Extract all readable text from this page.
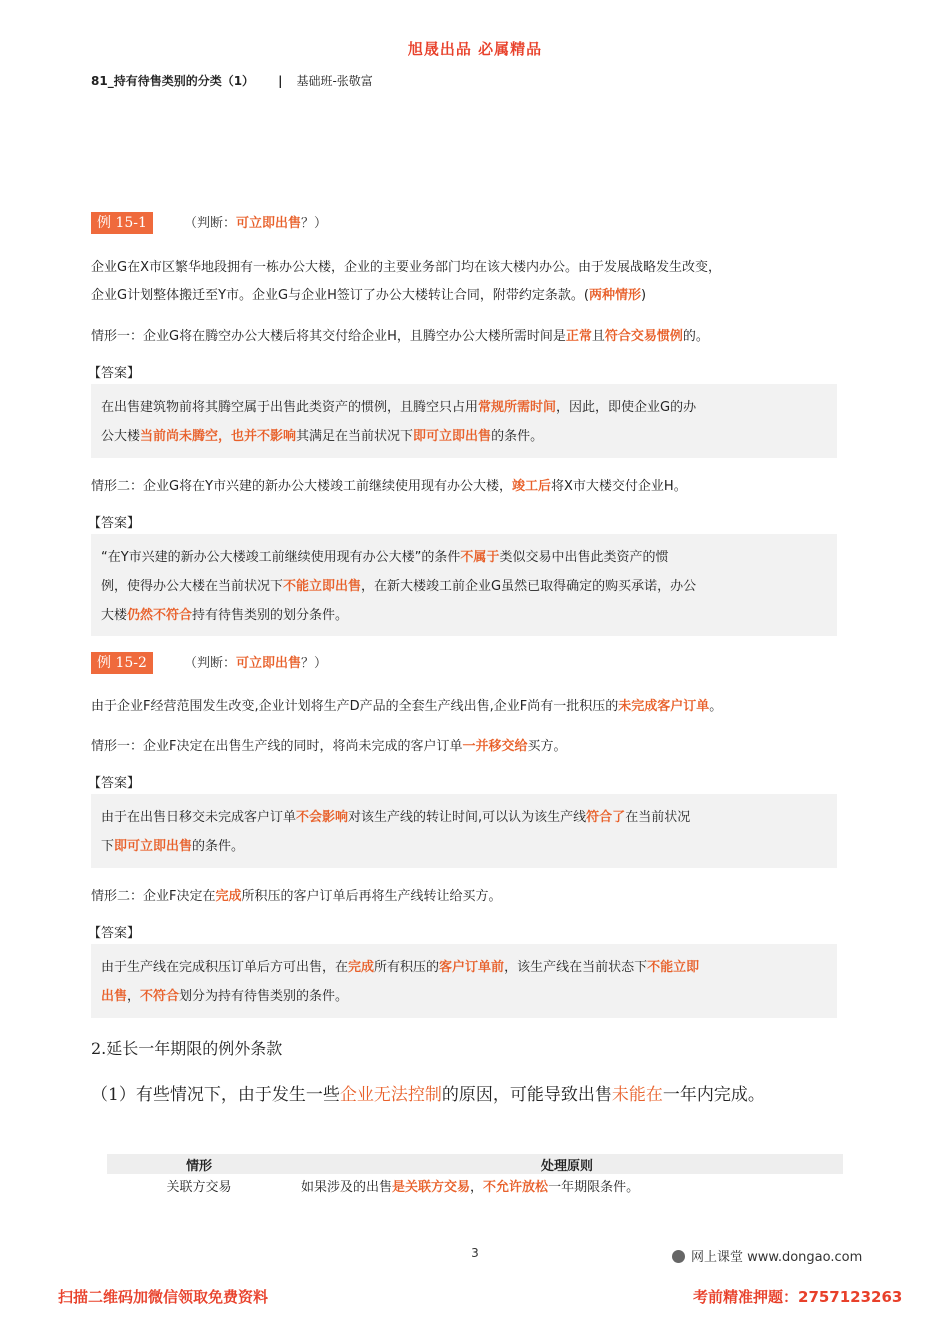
旭晟出品 必属精品
81_持有待售类别的分类（1） | 基础班-张敬富
例 15-1	（判断：可立即出售？）
企业G在X市区繁华地段拥有一栋办公大楼，企业的主要业务部门均在该大楼内办公。由于发展战略发生改变，
企业G计划整体搬迁至Y市。企业G与企业H签订了办公大楼转让合同，附带约定条款。(两种情形)
情形一：企业G将在腾空办公大楼后将其交付给企业H，且腾空办公大楼所需时间是正常且符合交易惯例的。
【答案】
在出售建筑物前将其腾空属于出售此类资产的惯例，且腾空只占用常规所需时间，因此，即使企业G的办
公大楼当前尚未腾空，也并不影响其满足在当前状况下即可立即出售的条件。
情形二：企业G将在Y市兴建的新办公大楼竣工前继续使用现有办公大楼，竣工后将X市大楼交付企业H。
【答案】
“在Y市兴建的新办公大楼竣工前继续使用现有办公大楼”的条件不属于类似交易中出售此类资产的惯
例，使得办公大楼在当前状况下不能立即出售，在新大楼竣工前企业G虽然已取得确定的购买承诺，办公
大楼仍然不符合持有待售类别的划分条件。
例 15-2	（判断：可立即出售？）
由于企业F经营范围发生改变,企业计划将生产D产品的全套生产线出售,企业F尚有一批积压的未完成客户订单。
情形一：企业F决定在出售生产线的同时，将尚未完成的客户订单一并移交给买方。
【答案】
由于在出售日移交未完成客户订单不会影响对该生产线的转让时间,可以认为该生产线符合了在当前状况
下即可立即出售的条件。
情形二：企业F决定在完成所积压的客户订单后再将生产线转让给买方。
【答案】
由于生产线在完成积压订单后方可出售，在完成所有积压的客户订单前，该生产线在当前状态下不能立即
出售，不符合划分为持有待售类别的条件。
2.延长一年期限的例外条款
（1）有些情况下，由于发生一些企业无法控制的原因，可能导致出售未能在一年内完成。
情形	处理原则
关联方交易	如果涉及的出售是关联方交易，不允许放松一年期限条件。
3	网上课堂 www.dongao.com
扫描二维码加微信领取免费资料	考前精准押题：2757123263
